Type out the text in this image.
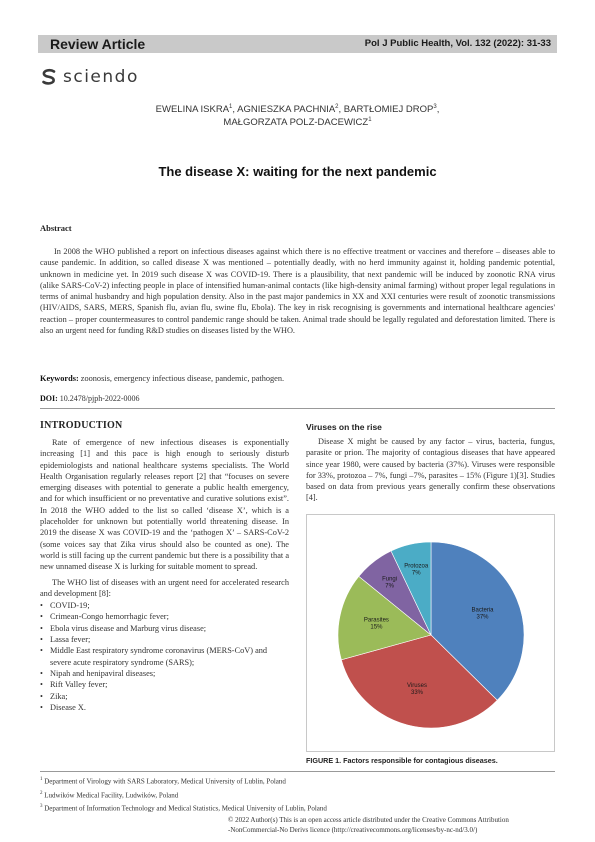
Review Article	Pol J Public Health, Vol. 132 (2022): 31-33
sciendo
EWELINA ISKRA$^1$, AGNIESZKA PACHNIA$^2$, BARTŁOMIEJ DROP$^3$,
MAŁGORZATA POLZ-DACEWICZ$^1$
The disease X: waiting for the next pandemic
Abstract
In 2008 the WHO published a report on infectious diseases against which there is no effective treatment or vaccines and therefore – diseases able to cause pandemic. In addition, so called disease X was mentioned – potentially deadly, with no herd immunity against it, holding pandemic potential, unknown in medicine yet. In 2019 such disease X was COVID-19. There is a plausibility, that next pandemic will be induced by zoonotic RNA virus (alike SARS-CoV-2) infecting people in place of intensified human-animal contacts (like high-density animal farming) without proper legal regulations in terms of animal husbandry and high population density. Also in the past major pandemics in XX and XXI centuries were result of zoonotic transmissions (HIV/AIDS, SARS, MERS, Spanish flu, avian flu, swine flu, Ebola). The key in risk recognising is governments and international healthcare agencies' reaction – proper countermeasures to control pandemic range should be taken. Animal trade should be legally regulated and deforestation limited. There is also an urgent need for funding R&D studies on diseases listed by the WHO.
Keywords: zoonosis, emergency infectious disease, pandemic, pathogen.
DOI: 10.2478/pjph-2022-0006
INTRODUCTION

Rate of emergence of new infectious diseases is exponentially increasing [1] and this pace is high enough to seriously disturb epidemiologists and national healthcare systems specialists. The World Health Organisation regularly releases report [2] that “focuses on severe emerging diseases with potential to generate a public health emergency, and for which insufficient or no preventative and curative solutions exist”. In 2018 the WHO added to the list so called ‘disease X’, which is a placeholder for unknown but potentially world threatening disease. In 2019 the disease X was COVID-19 and the ‘pathogen X’ – SARS-CoV-2 (some voices say that Zika virus should also be counted as one). The world is still facing up the current pandemic but there is a possibility that a new unnamed disease X is lurking for suitable moment to spread.

The WHO list of diseases with an urgent need for accelerated research and development [8]:

• COVID-19;
• Crimean-Congo hemorrhagic fever;
• Ebola virus disease and Marburg virus disease;
• Lassa fever;
• Middle East respiratory syndrome coronavirus (MERS-CoV) and severe acute respiratory syndrome (SARS);
• Nipah and henipaviral diseases;
• Rift Valley fever;
• Zika;
• Disease X.
Viruses on the rise
Disease X might be caused by any factor – virus, bacteria, fungus, parasite or prion. The majority of contagious diseases that have appeared since year 1980, were caused by bacteria (37%). Viruses were responsible for 33%, protozoa – 7%, fungi –7%, parasites – 15% (Figure 1)[3]. Studies based on data from previous years generally confirm these observations [4].
Bacteria
37%
Viruses
33%
Parasites
15%
Fungi
7%
Protozoa
7%
FIGURE 1. Factors responsible for contagious diseases.
$^1$ Department of Virology with SARS Laboratory, Medical University of Lublin, Poland
$^2$ Ludwików Medical Facility, Ludwików, Poland
$^3$ Department of Information Technology and Medical Statistics, Medical University of Lublin, Poland
© 2022 Author(s) This is an open access article distributed under the Creative Commons Attribution
-NonCommercial-No Derivs licence (http://creativecommons.org/licenses/by-nc-nd/3.0/)
